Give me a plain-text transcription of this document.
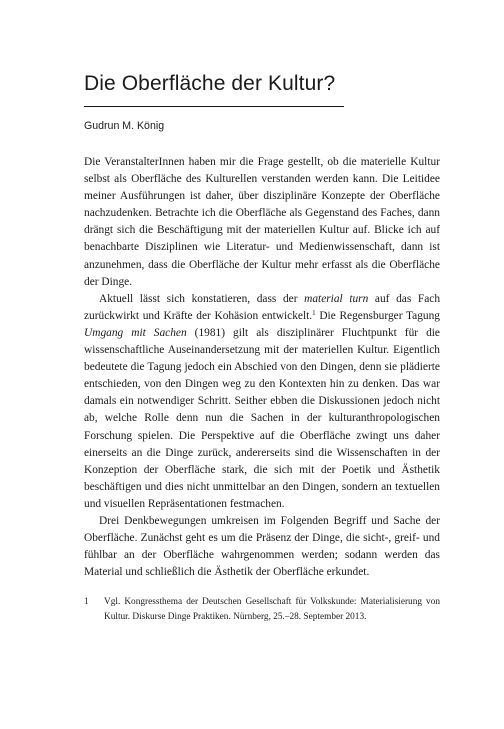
Die Oberfläche der Kultur?
Gudrun M. König

Die VeranstalterInnen haben mir die Frage gestellt, ob die materielle Kultur selbst als Oberfläche des Kulturellen verstanden werden kann. Die Leitidee meiner Ausführungen ist daher, über disziplinäre Konzepte der Oberfläche nachzudenken. Betrachte ich die Oberfläche als Gegenstand des Faches, dann drängt sich die Beschäftigung mit der materiellen Kultur auf. Blicke ich auf benachbarte Disziplinen wie Literatur- und Medienwissenschaft, dann ist anzunehmen, dass die Oberfläche der Kultur mehr erfasst als die Oberfläche der Dinge.

Aktuell lässt sich konstatieren, dass der material turn auf das Fach zurückwirkt und Kräfte der Kohäsion entwickelt.$^1$ Die Regensburger Tagung Umgang mit Sachen (1981) gilt als disziplinärer Fluchtpunkt für die wissenschaftliche Auseinandersetzung mit der materiellen Kultur. Eigentlich bedeutete die Tagung jedoch ein Abschied von den Dingen, denn sie plädierte entschieden, von den Dingen weg zu den Kontexten hin zu denken. Das war damals ein notwendiger Schritt. Seither ebben die Diskussionen jedoch nicht ab, welche Rolle denn nun die Sachen in der kulturanthropologischen Forschung spielen. Die Perspektive auf die Oberfläche zwingt uns daher einerseits an die Dinge zurück, andererseits sind die Wissenschaften in der Konzeption der Oberfläche stark, die sich mit der Poetik und Ästhetik beschäftigen und dies nicht unmittelbar an den Dingen, sondern an textuellen und visuellen Repräsentationen festmachen.

Drei Denkbewegungen umkreisen im Folgenden Begriff und Sache der Oberfläche. Zunächst geht es um die Präsenz der Dinge, die sicht-, greif- und fühlbar an der Oberfläche wahrgenommen werden; sodann werden das Material und schließlich die Ästhetik der Oberfläche erkundet.

1	Vgl. Kongressthema der Deutschen Gesellschaft für Volkskunde: Materialisierung von Kultur. Diskurse Dinge Praktiken. Nürnberg, 25.–28. September 2013.
